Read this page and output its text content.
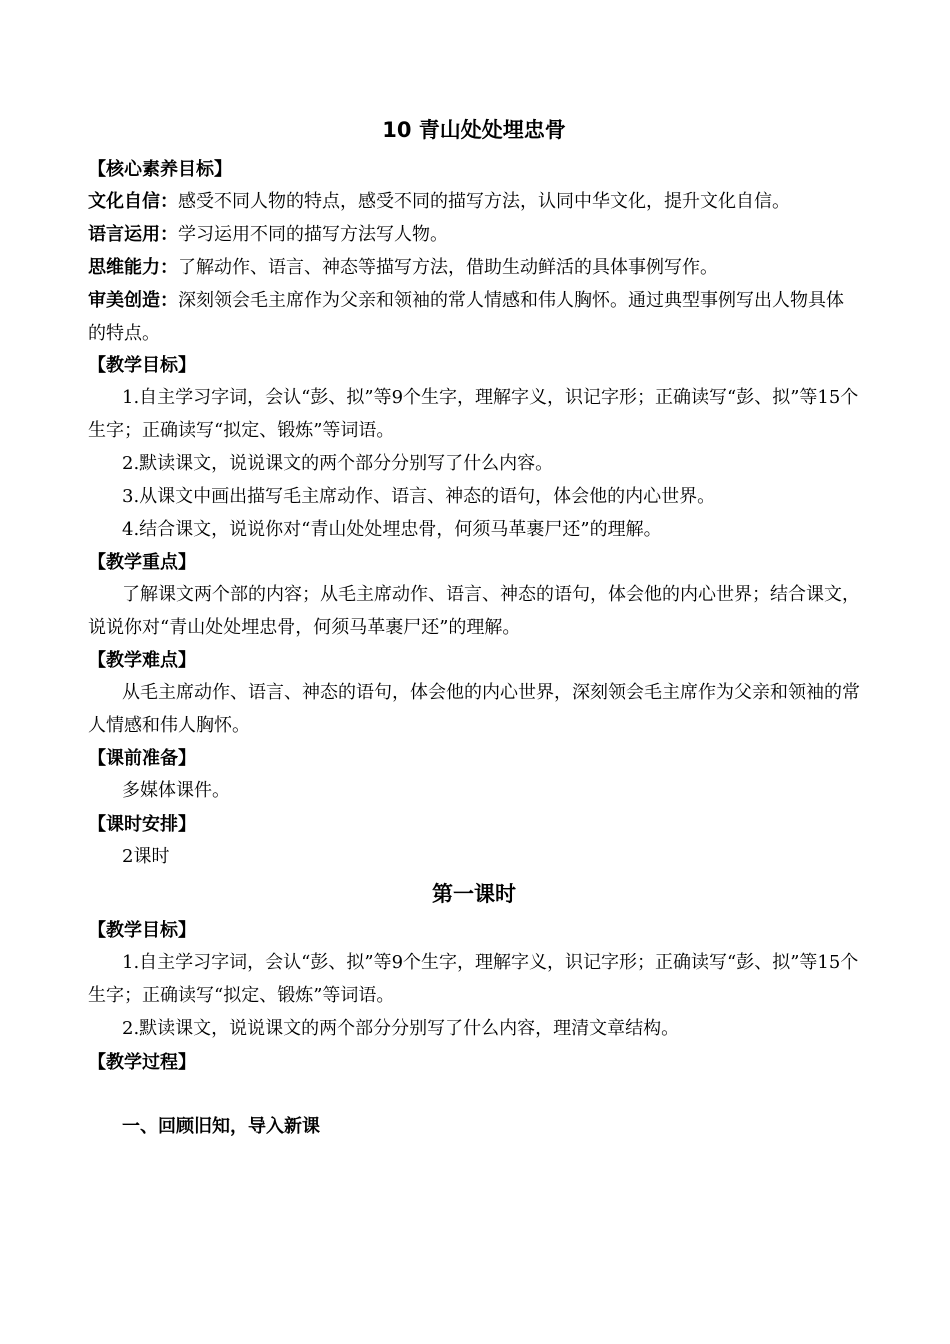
10 青山处处埋忠骨
【核心素养目标】
文化自信：感受不同人物的特点，感受不同的描写方法，认同中华文化，提升文化自信。
语言运用：学习运用不同的描写方法写人物。
思维能力：了解动作、语言、神态等描写方法，借助生动鲜活的具体事例写作。
审美创造：深刻领会毛主席作为父亲和领袖的常人情感和伟人胸怀。通过典型事例写出人物具体的特点。
【教学目标】
1.自主学习字词，会认“彭、拟”等9个生字，理解字义，识记字形；正确读写“彭、拟”等15个生字；正确读写“拟定、锻炼”等词语。
2.默读课文，说说课文的两个部分分别写了什么内容。
3.从课文中画出描写毛主席动作、语言、神态的语句，体会他的内心世界。
4.结合课文，说说你对“青山处处埋忠骨，何须马革裹尸还”的理解。
【教学重点】
了解课文两个部的内容；从毛主席动作、语言、神态的语句，体会他的内心世界；结合课文，说说你对“青山处处埋忠骨，何须马革裹尸还”的理解。
【教学难点】
从毛主席动作、语言、神态的语句，体会他的内心世界，深刻领会毛主席作为父亲和领袖的常人情感和伟人胸怀。
【课前准备】
多媒体课件。
【课时安排】
2课时
第一课时
【教学目标】
1.自主学习字词，会认“彭、拟”等9个生字，理解字义，识记字形；正确读写“彭、拟”等15个生字；正确读写“拟定、锻炼”等词语。
2.默读课文，说说课文的两个部分分别写了什么内容，理清文章结构。
【教学过程】
一、回顾旧知，导入新课
